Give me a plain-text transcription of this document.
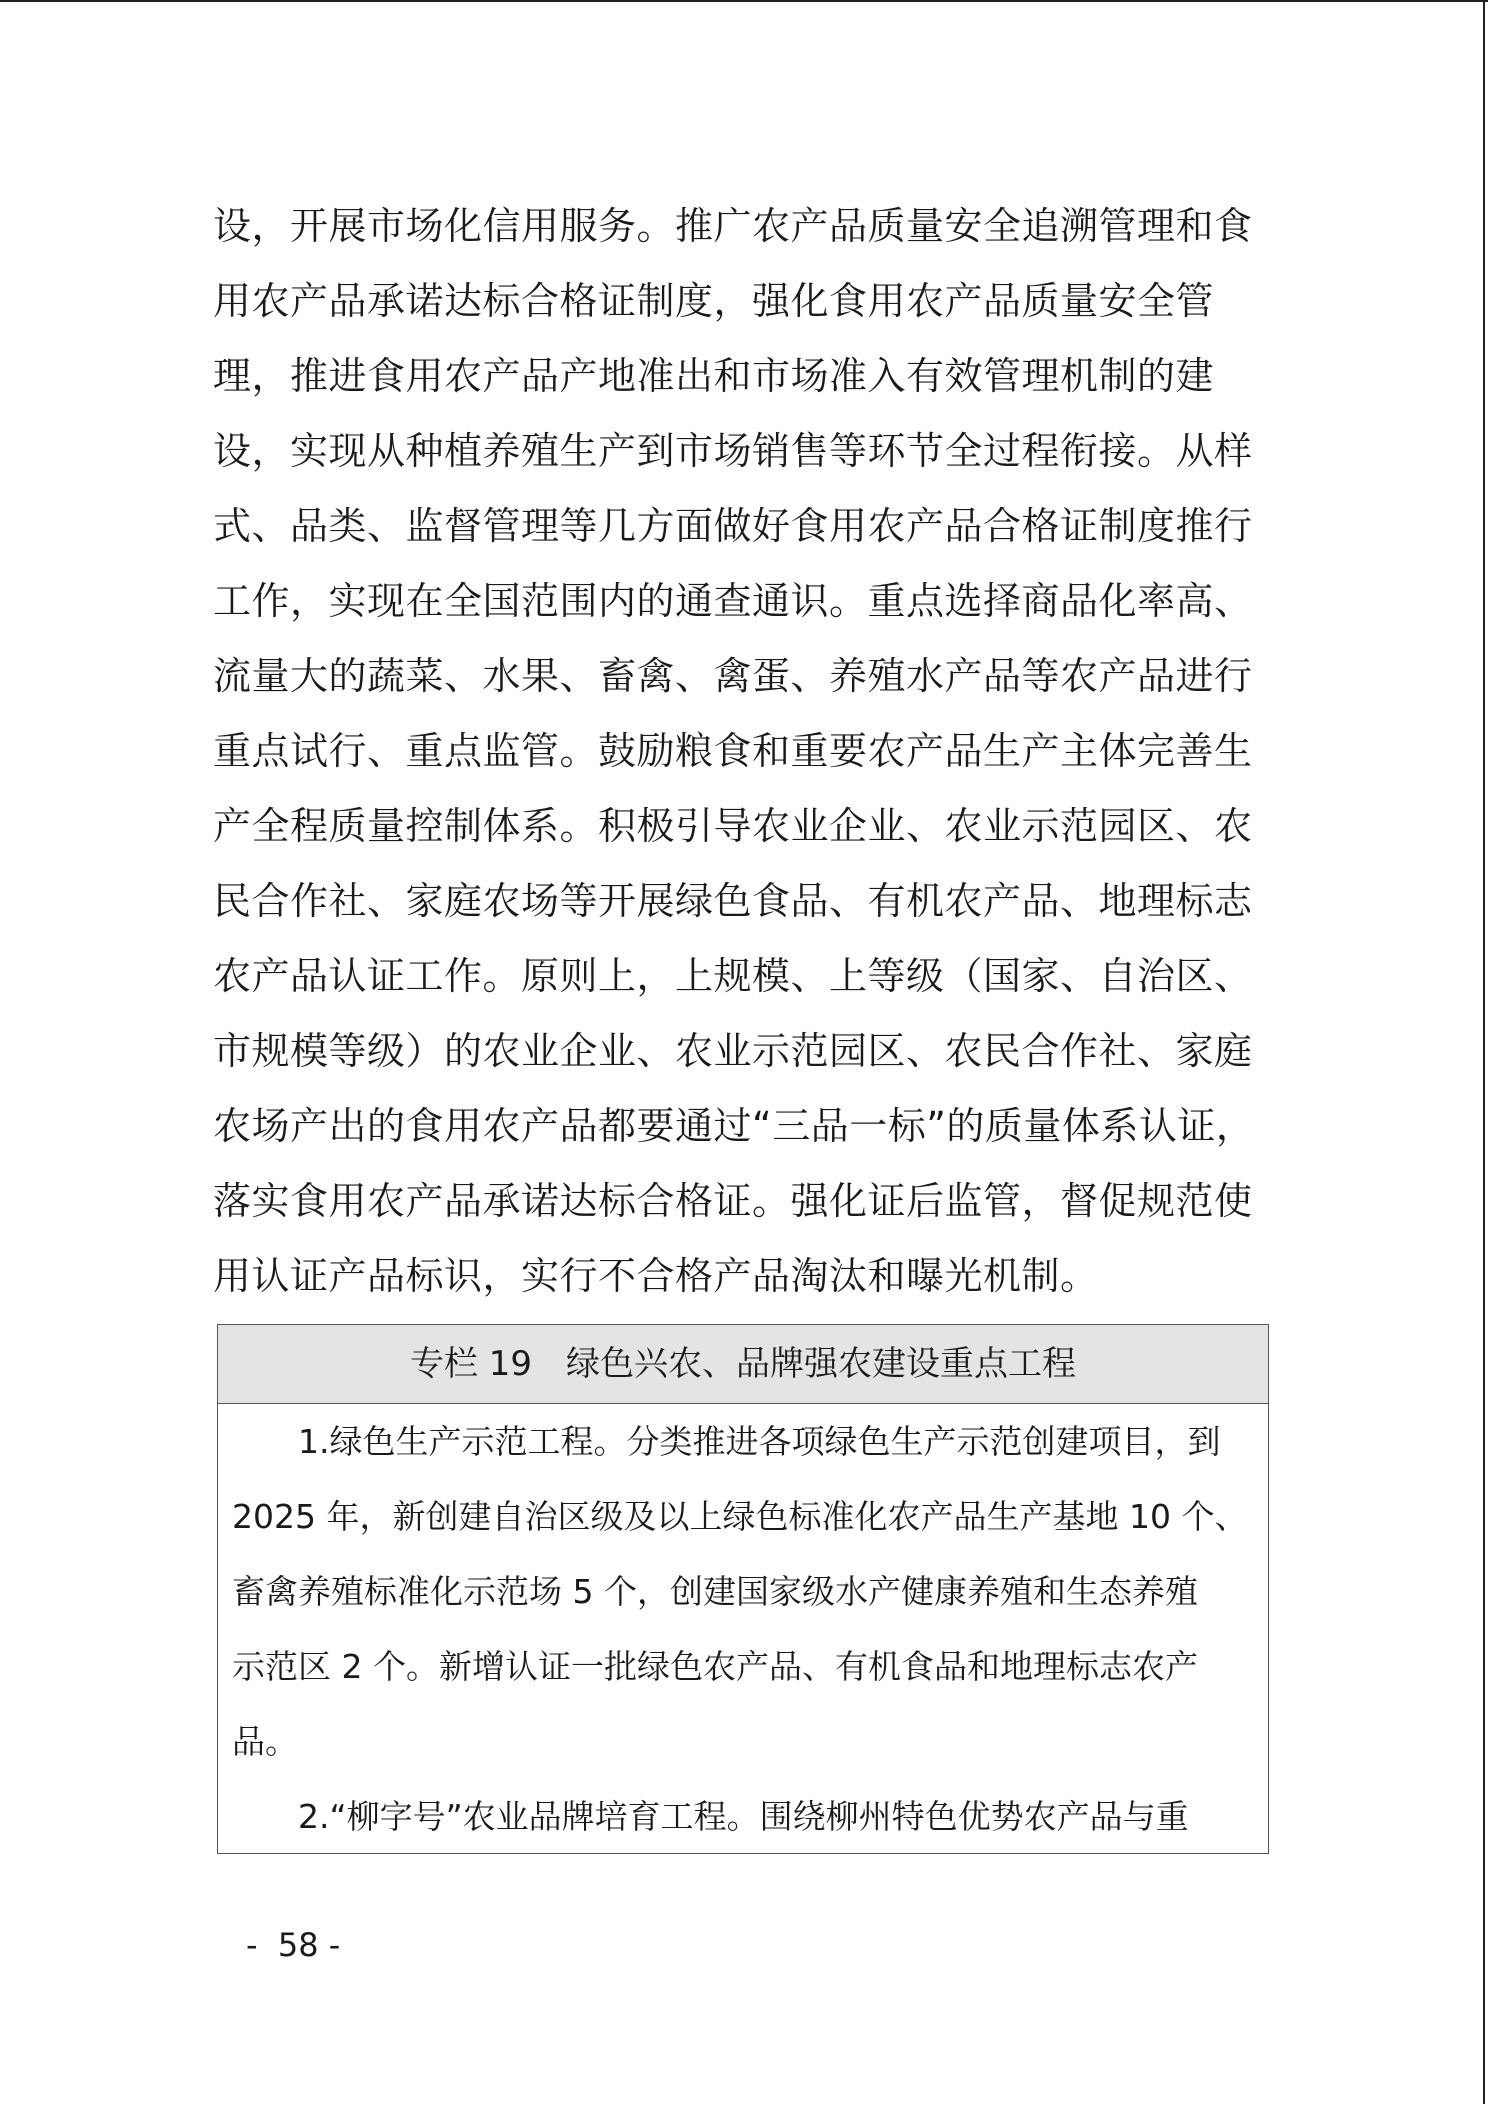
设，开展市场化信用服务。推广农产品质量安全追溯管理和食
用农产品承诺达标合格证制度，强化食用农产品质量安全管
理，推进食用农产品产地准出和市场准入有效管理机制的建
设，实现从种植养殖生产到市场销售等环节全过程衔接。从样
式、品类、监督管理等几方面做好食用农产品合格证制度推行
工作，实现在全国范围内的通查通识。重点选择商品化率高、
流量大的蔬菜、水果、畜禽、禽蛋、养殖水产品等农产品进行
重点试行、重点监管。鼓励粮食和重要农产品生产主体完善生
产全程质量控制体系。积极引导农业企业、农业示范园区、农
民合作社、家庭农场等开展绿色食品、有机农产品、地理标志
农产品认证工作。原则上，上规模、上等级（国家、自治区、
市规模等级）的农业企业、农业示范园区、农民合作社、家庭
农场产出的食用农产品都要通过“三品一标”的质量体系认证，
落实食用农产品承诺达标合格证。强化证后监管，督促规范使
用认证产品标识，实行不合格产品淘汰和曝光机制。
专栏 19　绿色兴农、品牌强农建设重点工程
1.绿色生产示范工程。分类推进各项绿色生产示范创建项目，到
2025 年，新创建自治区级及以上绿色标准化农产品生产基地 10 个、
畜禽养殖标准化示范场 5 个，创建国家级水产健康养殖和生态养殖
示范区 2 个。新增认证一批绿色农产品、有机食品和地理标志农产
品。
2.“柳字号”农业品牌培育工程。围绕柳州特色优势农产品与重
-  58 -
